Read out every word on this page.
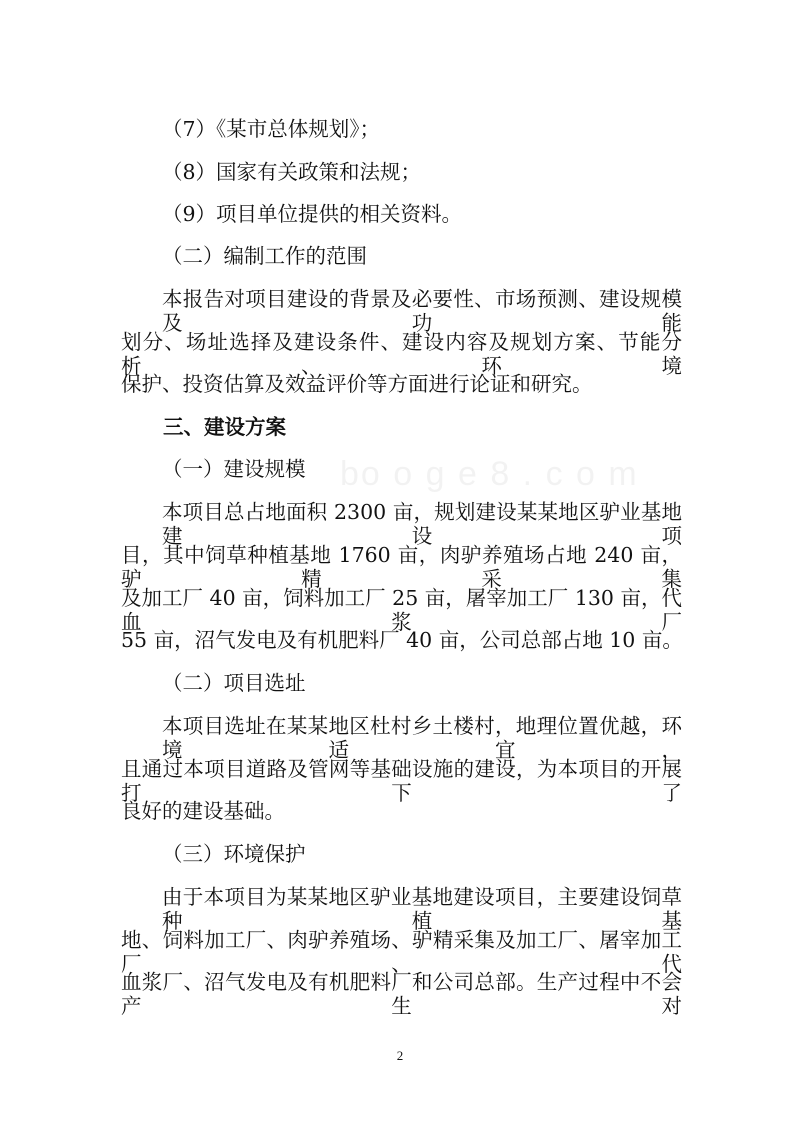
bo o g e 8 . c o m
（7）《某市总体规划》；
（8）国家有关政策和法规；
（9）项目单位提供的相关资料。
（二）编制工作的范围
本报告对项目建设的背景及必要性、市场预测、建设规模及功能
划分、场址选择及建设条件、建设内容及规划方案、节能分析、环境
保护、投资估算及效益评价等方面进行论证和研究。
三、建设方案
（一）建设规模
本项目总占地面积 2300 亩，规划建设某某地区驴业基地建设项
目，其中饲草种植基地 1760 亩，肉驴养殖场占地 240 亩，驴精采集
及加工厂 40 亩，饲料加工厂 25 亩，屠宰加工厂 130 亩，代血浆厂
55 亩，沼气发电及有机肥料厂 40 亩，公司总部占地 10 亩。
（二）项目选址
本项目选址在某某地区杜村乡土楼村，地理位置优越，环境适宜，
且通过本项目道路及管网等基础设施的建设，为本项目的开展打下了
良好的建设基础。
（三）环境保护
由于本项目为某某地区驴业基地建设项目，主要建设饲草种植基
地、饲料加工厂、肉驴养殖场、驴精采集及加工厂、屠宰加工厂、代
血浆厂、沼气发电及有机肥料厂和公司总部。生产过程中不会产生对
2
